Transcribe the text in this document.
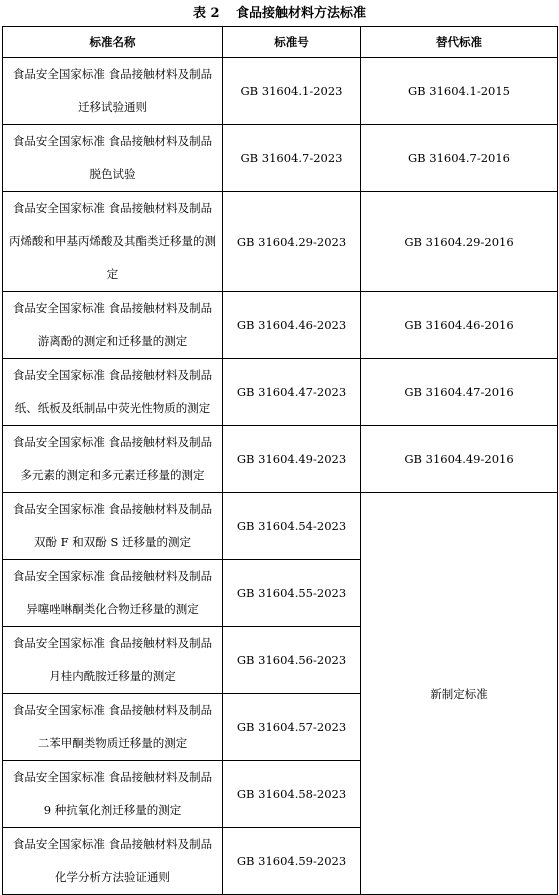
表 2 食品接触材料方法标准
标准名称	标准号	替代标准

食品安全国家标准 食品接触材料及制品
迁移试验通则	GB 31604.1-2023	GB 31604.1-2015

食品安全国家标准 食品接触材料及制品
脱色试验	GB 31604.7-2023	GB 31604.7-2016

食品安全国家标准 食品接触材料及制品
丙烯酸和甲基丙烯酸及其酯类迁移量的测
定	GB 31604.29-2023	GB 31604.29-2016

食品安全国家标准 食品接触材料及制品
游离酚的测定和迁移量的测定	GB 31604.46-2023	GB 31604.46-2016

食品安全国家标准 食品接触材料及制品
纸、纸板及纸制品中荧光性物质的测定	GB 31604.47-2023	GB 31604.47-2016

食品安全国家标准 食品接触材料及制品
多元素的测定和多元素迁移量的测定	GB 31604.49-2023	GB 31604.49-2016

食品安全国家标准 食品接触材料及制品
双酚 F 和双酚 S 迁移量的测定	GB 31604.54-2023	新制定标准

食品安全国家标准 食品接触材料及制品
异噻唑啉酮类化合物迁移量的测定	GB 31604.55-2023	

食品安全国家标准 食品接触材料及制品
月桂内酰胺迁移量的测定	GB 31604.56-2023	

食品安全国家标准 食品接触材料及制品
二苯甲酮类物质迁移量的测定	GB 31604.57-2023	

食品安全国家标准 食品接触材料及制品
9 种抗氧化剂迁移量的测定	GB 31604.58-2023	

食品安全国家标准 食品接触材料及制品
化学分析方法验证通则	GB 31604.59-2023	
